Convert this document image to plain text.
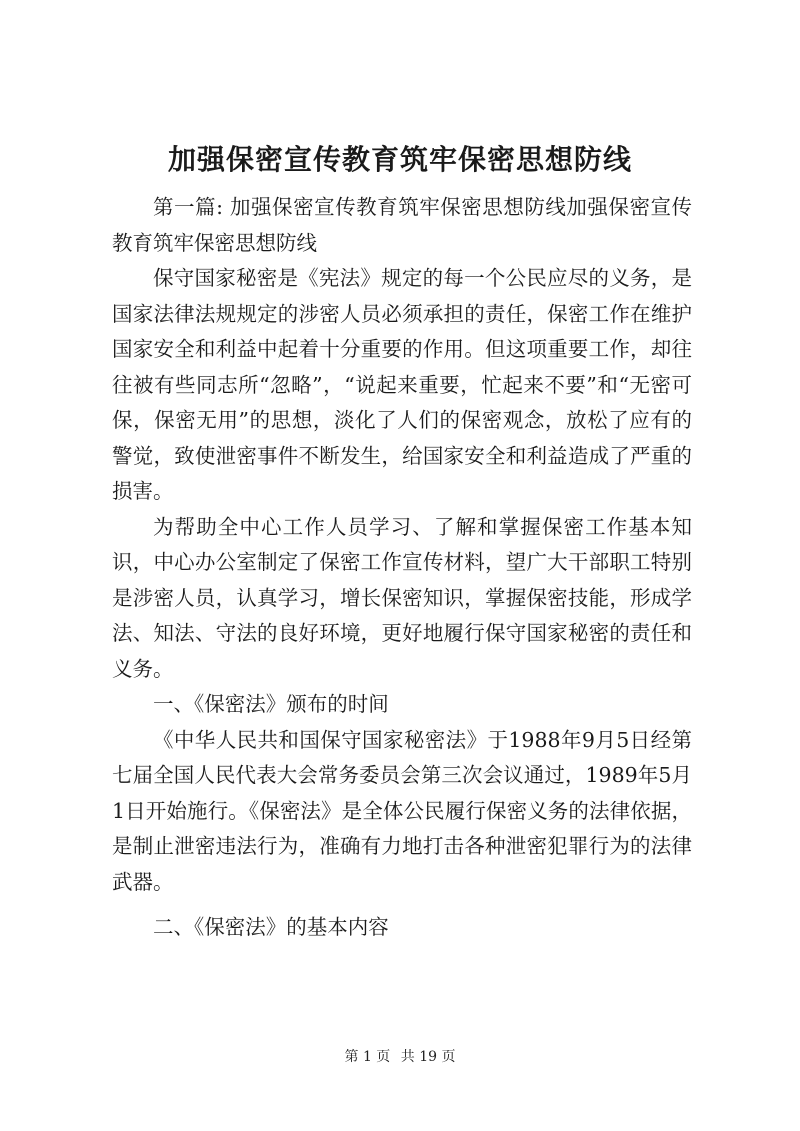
加强保密宣传教育筑牢保密思想防线

第一篇: 加强保密宣传教育筑牢保密思想防线加强保密宣传教育筑牢保密思想防线

保守国家秘密是《宪法》规定的每一个公民应尽的义务，是国家法律法规规定的涉密人员必须承担的责任，保密工作在维护国家安全和利益中起着十分重要的作用。但这项重要工作，却往往被有些同志所“忽略”，“说起来重要，忙起来不要”和“无密可保，保密无用”的思想，淡化了人们的保密观念，放松了应有的警觉，致使泄密事件不断发生，给国家安全和利益造成了严重的损害。

为帮助全中心工作人员学习、了解和掌握保密工作基本知识，中心办公室制定了保密工作宣传材料，望广大干部职工特别是涉密人员，认真学习，增长保密知识，掌握保密技能，形成学法、知法、守法的良好环境，更好地履行保守国家秘密的责任和义务。

一、《保密法》颁布的时间

《中华人民共和国保守国家秘密法》于1988年9月5日经第七届全国人民代表大会常务委员会第三次会议通过，1989年5月1日开始施行。《保密法》是全体公民履行保密义务的法律依据，是制止泄密违法行为，准确有力地打击各种泄密犯罪行为的法律武器。

二、《保密法》的基本内容

第 1 页 共 19 页
